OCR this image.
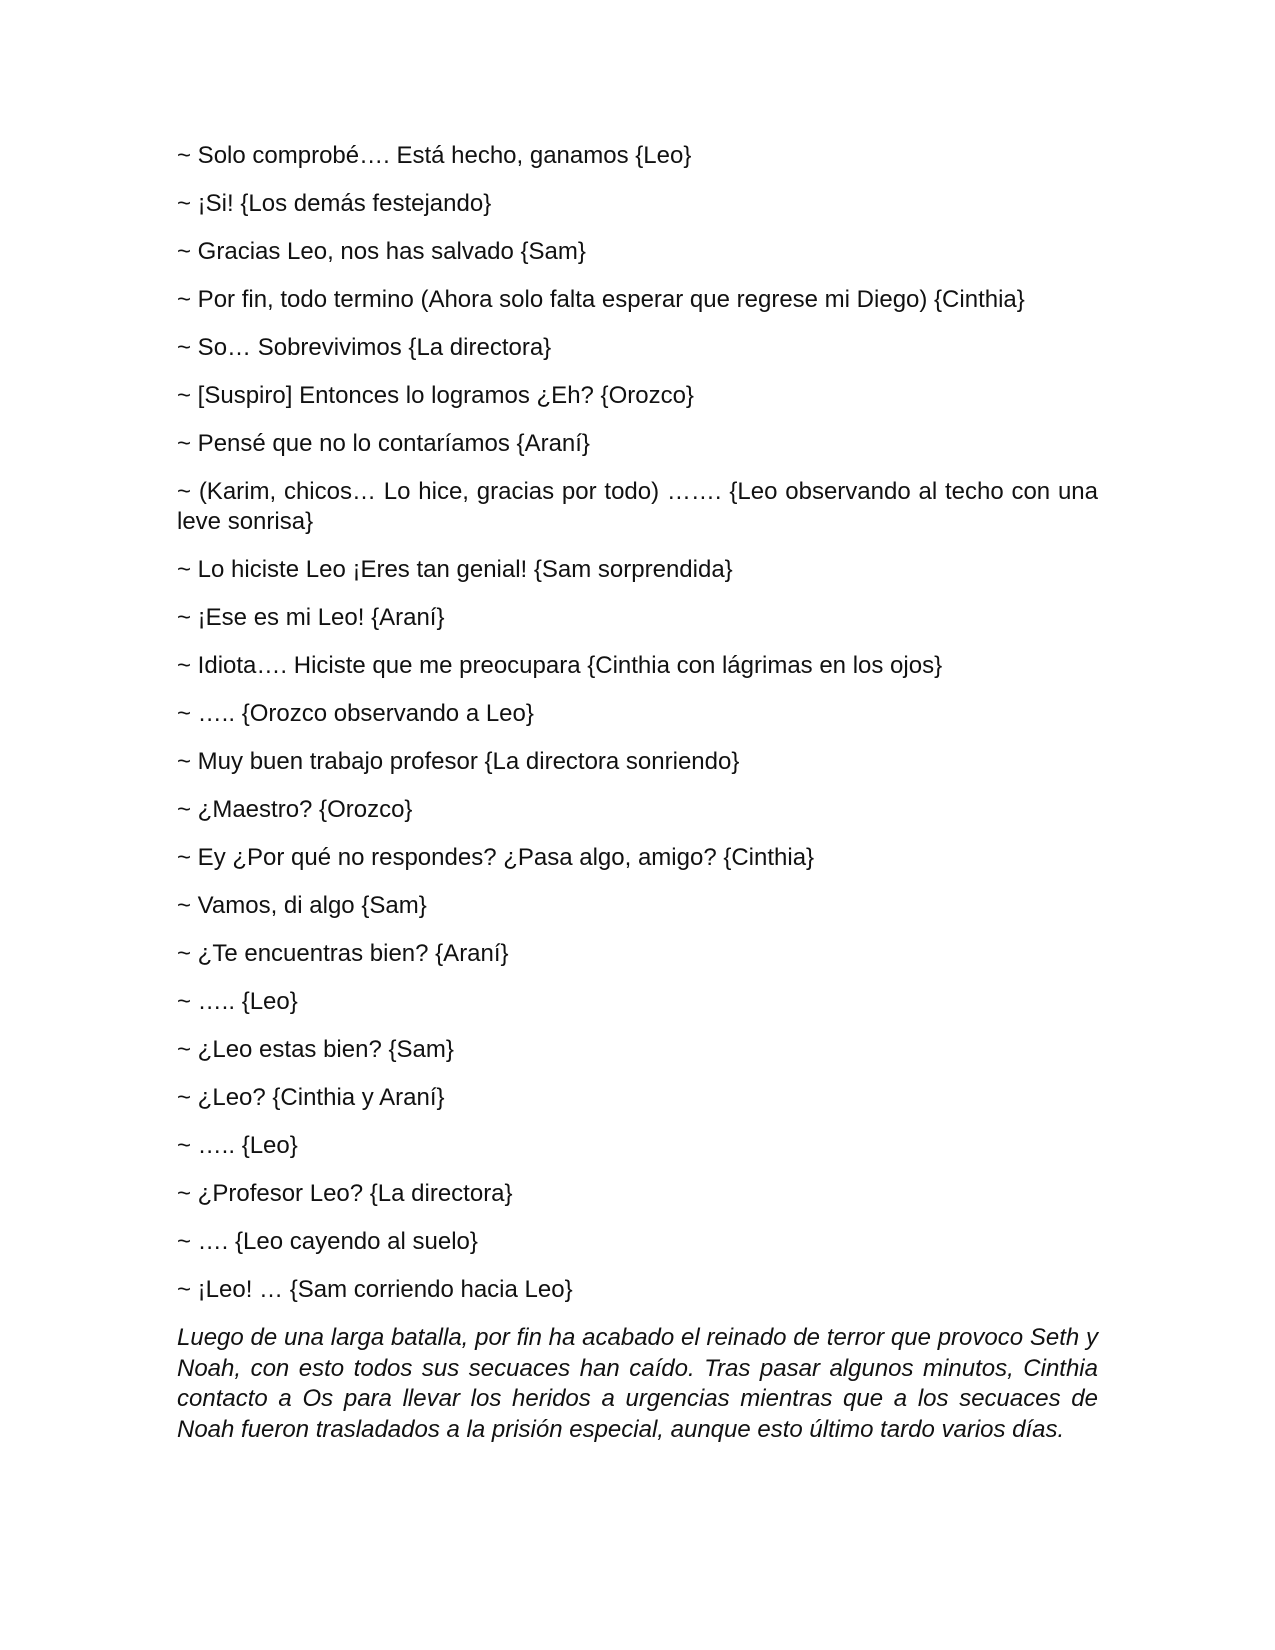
~ Solo comprobé…. Está hecho, ganamos {Leo}

~ ¡Si! {Los demás festejando}

~ Gracias Leo, nos has salvado {Sam}

~ Por fin, todo termino (Ahora solo falta esperar que regrese mi Diego) {Cinthia}

~ So… Sobrevivimos {La directora}

~ [Suspiro] Entonces lo logramos ¿Eh? {Orozco}

~ Pensé que no lo contaríamos {Araní}

~ (Karim, chicos… Lo hice, gracias por todo) ……. {Leo observando al techo con una leve sonrisa}

~ Lo hiciste Leo ¡Eres tan genial! {Sam sorprendida}

~ ¡Ese es mi Leo! {Araní}

~ Idiota…. Hiciste que me preocupara {Cinthia con lágrimas en los ojos}

~ ….. {Orozco observando a Leo}

~ Muy buen trabajo profesor {La directora sonriendo}

~ ¿Maestro? {Orozco}

~ Ey ¿Por qué no respondes? ¿Pasa algo, amigo? {Cinthia}

~ Vamos, di algo {Sam}

~ ¿Te encuentras bien? {Araní}

~ ….. {Leo}

~ ¿Leo estas bien? {Sam}

~ ¿Leo? {Cinthia y Araní}

~ ….. {Leo}

~ ¿Profesor Leo? {La directora}

~ …. {Leo cayendo al suelo}

~ ¡Leo! … {Sam corriendo hacia Leo}

Luego de una larga batalla, por fin ha acabado el reinado de terror que provoco Seth y Noah, con esto todos sus secuaces han caído. Tras pasar algunos minutos, Cinthia contacto a Os para llevar los heridos a urgencias mientras que a los secuaces de Noah fueron trasladados a la prisión especial, aunque esto último tardo varios días.
